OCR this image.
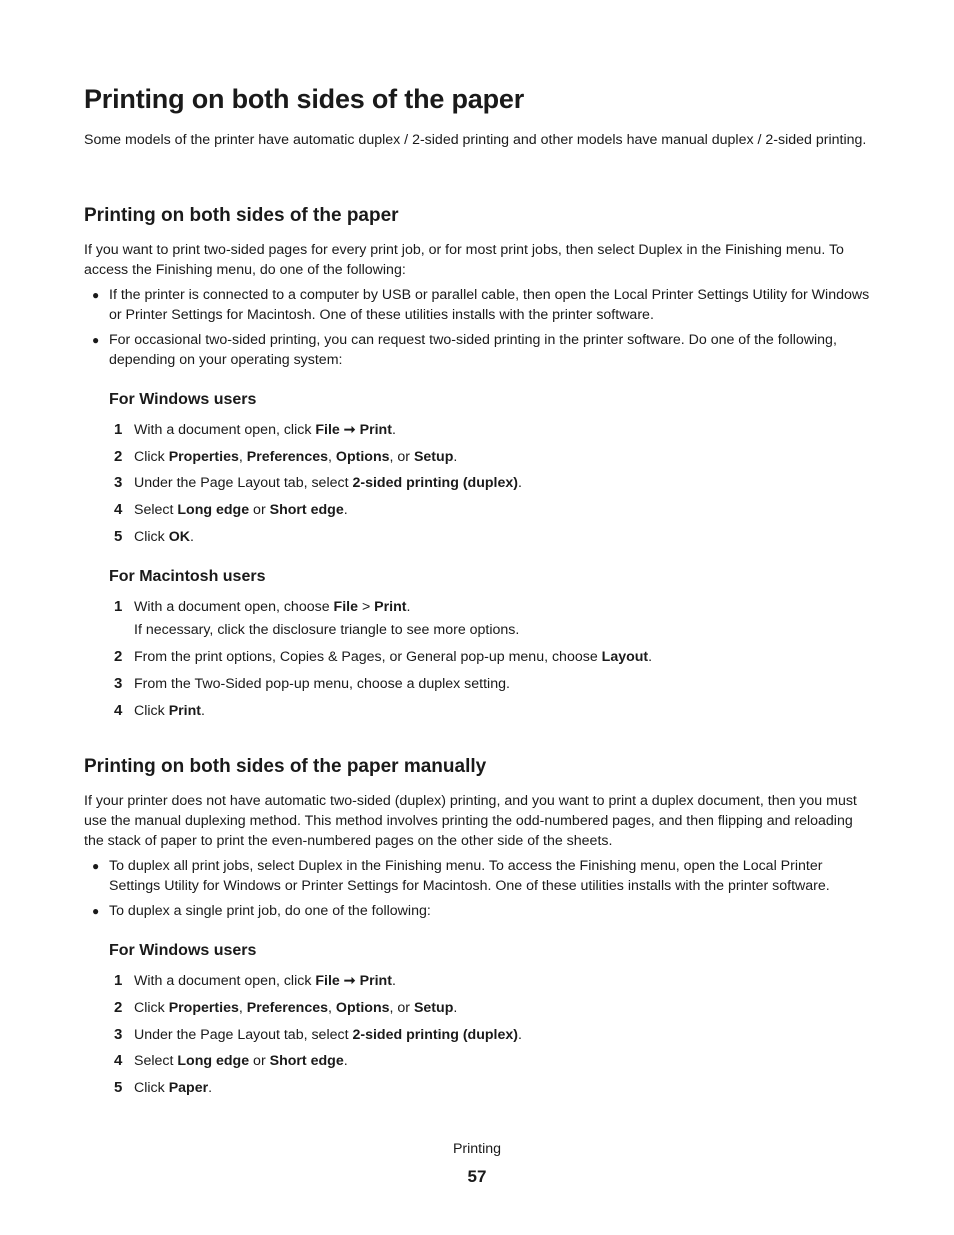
Printing on both sides of the paper
Some models of the printer have automatic duplex / 2-sided printing and other models have manual duplex / 2-sided printing.
Printing on both sides of the paper
If you want to print two-sided pages for every print job, or for most print jobs, then select Duplex in the Finishing menu. To access the Finishing menu, do one of the following:
● If the printer is connected to a computer by USB or parallel cable, then open the Local Printer Settings Utility for Windows or Printer Settings for Macintosh. One of these utilities installs with the printer software.
● For occasional two-sided printing, you can request two-sided printing in the printer software. Do one of the following, depending on your operating system:
For Windows users
1 With a document open, click File ➞ Print.
2 Click Properties, Preferences, Options, or Setup.
3 Under the Page Layout tab, select 2-sided printing (duplex).
4 Select Long edge or Short edge.
5 Click OK.
For Macintosh users
1 With a document open, choose File > Print.
If necessary, click the disclosure triangle to see more options.
2 From the print options, Copies & Pages, or General pop-up menu, choose Layout.
3 From the Two-Sided pop-up menu, choose a duplex setting.
4 Click Print.
Printing on both sides of the paper manually
If your printer does not have automatic two-sided (duplex) printing, and you want to print a duplex document, then you must use the manual duplexing method. This method involves printing the odd-numbered pages, and then flipping and reloading the stack of paper to print the even-numbered pages on the other side of the sheets.
● To duplex all print jobs, select Duplex in the Finishing menu. To access the Finishing menu, open the Local Printer Settings Utility for Windows or Printer Settings for Macintosh. One of these utilities installs with the printer software.
● To duplex a single print job, do one of the following:
For Windows users
1 With a document open, click File ➞ Print.
2 Click Properties, Preferences, Options, or Setup.
3 Under the Page Layout tab, select 2-sided printing (duplex).
4 Select Long edge or Short edge.
5 Click Paper.
Printing
57
